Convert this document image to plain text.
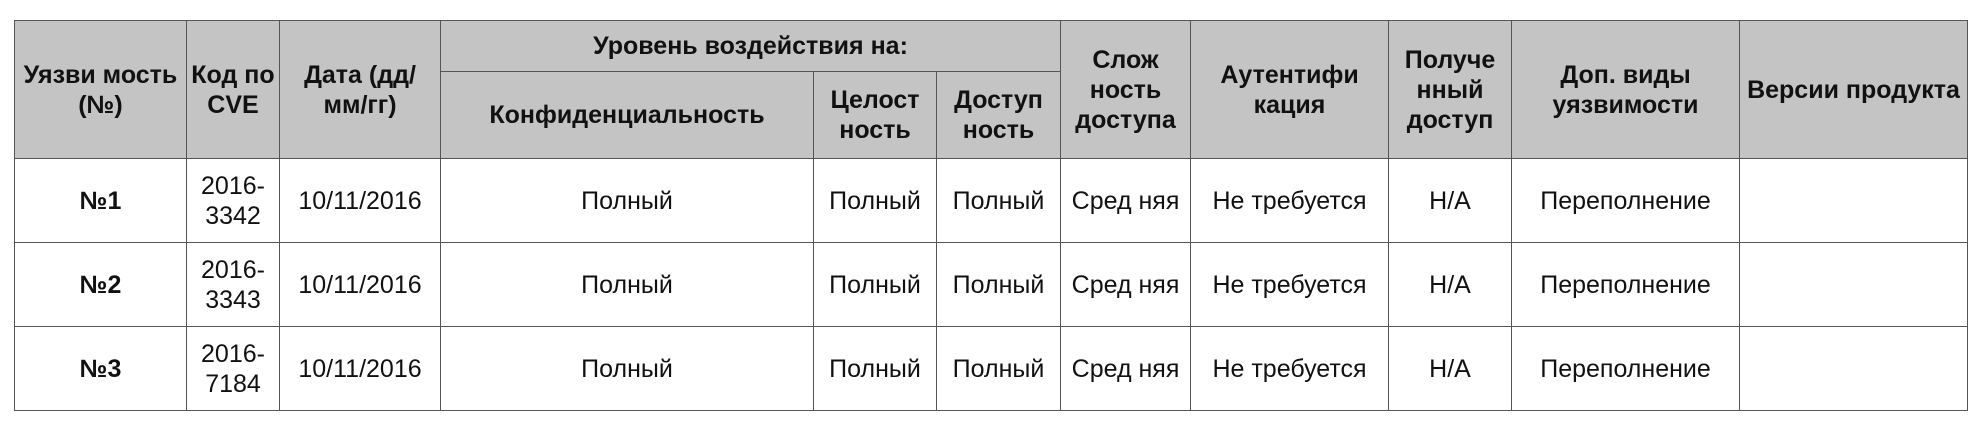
Уязви мость (№)	Код по CVE	Дата (дд/ мм/гг)	Уровень воздействия на:			Слож ность доступа	Аутентифи кация	Получе нный доступ	Доп. виды уязвимости	Версии продукта
			Конфиденциальность	Целост ность	Доступ ность					
№1	2016- 3342	10/11/2016	Полный	Полный	Полный	Сред няя	Не требуется	Н/А	Переполнение	
№2	2016- 3343	10/11/2016	Полный	Полный	Полный	Сред няя	Не требуется	Н/А	Переполнение	
№3	2016- 7184	10/11/2016	Полный	Полный	Полный	Сред няя	Не требуется	Н/А	Переполнение	
